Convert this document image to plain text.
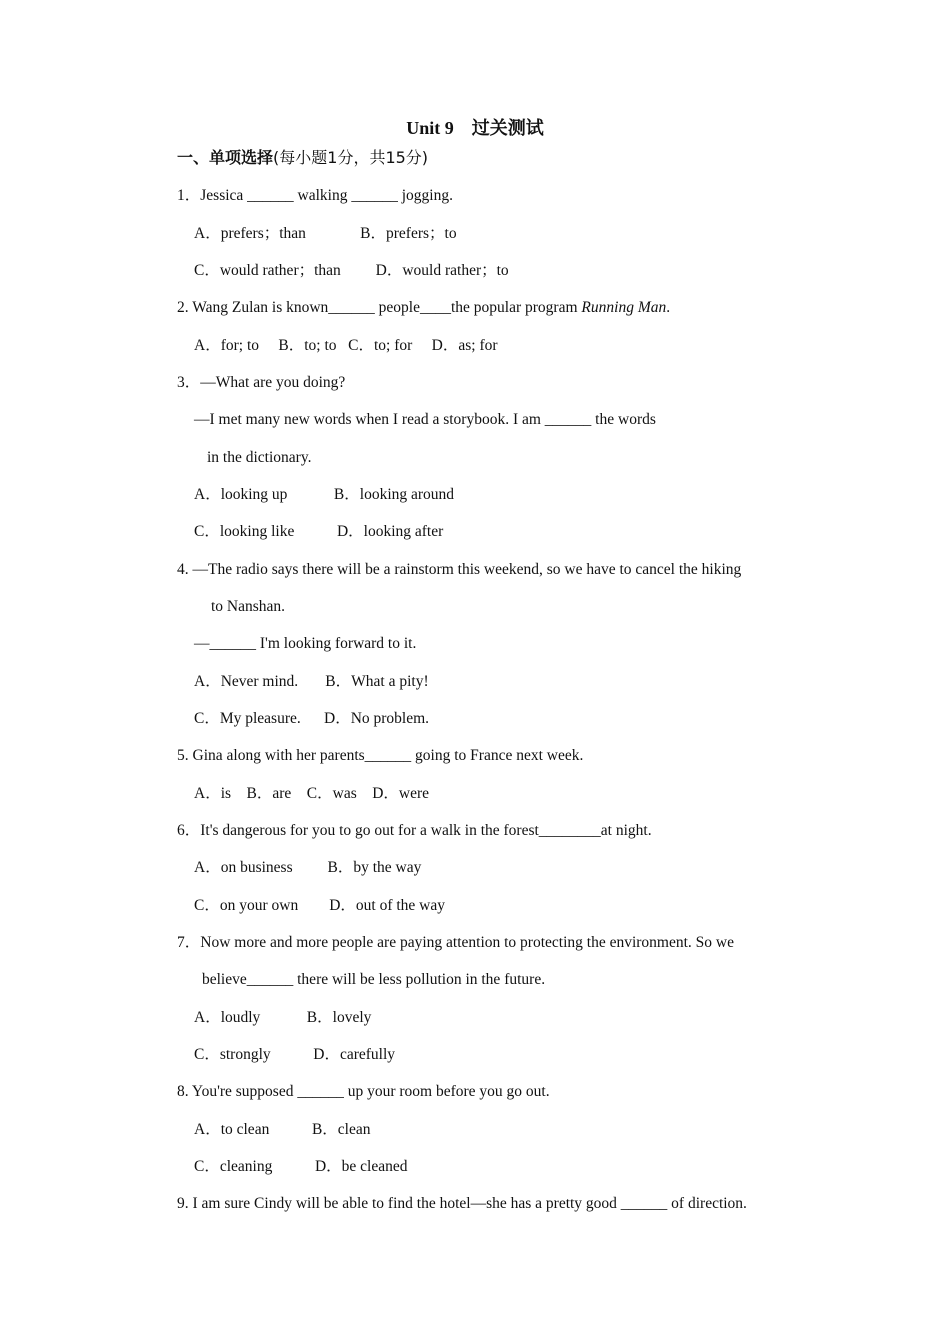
Unit 9　过关测试
一、单项选择(每小题1分，共15分)
1．Jessica ______ walking ______ jogging.
A．prefers；than              B．prefers；to
C．would rather；than         D．would rather；to
2. Wang Zulan is known______ people____the popular program Running Man.
A．for; to     B．to; to   C．to; for     D．as; for
3．—What are you doing?
—I met many new words when I read a storybook. I am ______ the words
in the dictionary.
A．looking up            B．looking around
C．looking like           D．looking after
4. —The radio says there will be a rainstorm this weekend, so we have to cancel the hiking
to Nanshan.
—______ I'm looking forward to it.
A．Never mind.       B．What a pity!
C．My pleasure.      D．No problem.
5. Gina along with her parents______ going to France next week.
A．is    B．are    C．was    D．were
6．It's dangerous for you to go out for a walk in the forest________at night.
A．on business         B．by the way
C．on your own        D．out of the way
7．Now more and more people are paying attention to protecting the environment. So we
believe______ there will be less pollution in the future.
A．loudly            B．lovely
C．strongly           D．carefully
8. You're supposed ______ up your room before you go out.
A．to clean           B．clean
C．cleaning           D．be cleaned
9. I am sure Cindy will be able to find the hotel—she has a pretty good ______ of direction.
